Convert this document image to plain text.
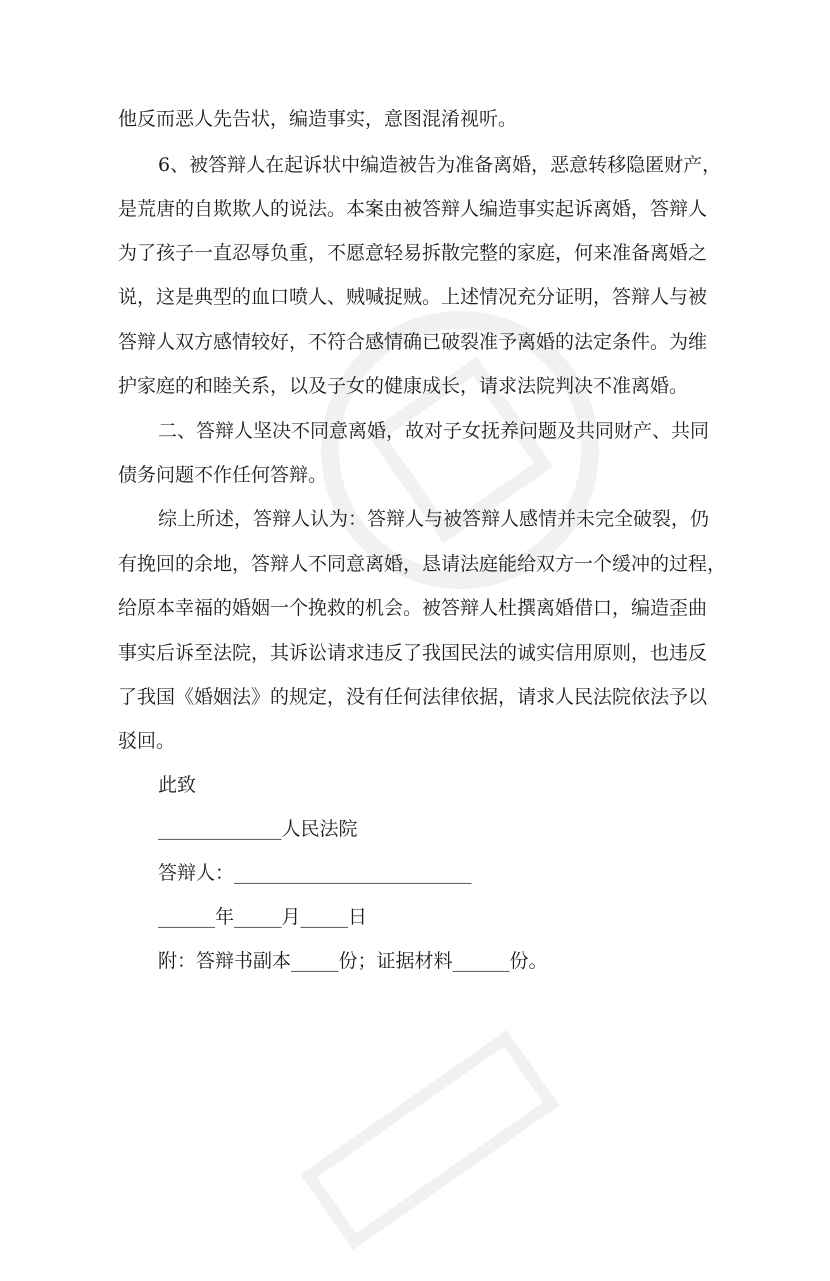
他反而恶人先告状，编造事实，意图混淆视听。
6、被答辩人在起诉状中编造被告为准备离婚，恶意转移隐匿财产，
是荒唐的自欺欺人的说法。本案由被答辩人编造事实起诉离婚，答辩人
为了孩子一直忍辱负重，不愿意轻易拆散完整的家庭，何来准备离婚之
说，这是典型的血口喷人、贼喊捉贼。上述情况充分证明，答辩人与被
答辩人双方感情较好，不符合感情确已破裂准予离婚的法定条件。为维
护家庭的和睦关系，以及子女的健康成长，请求法院判决不准离婚。
二、答辩人坚决不同意离婚，故对子女抚养问题及共同财产、共同
债务问题不作任何答辩。
综上所述，答辩人认为：答辩人与被答辩人感情并未完全破裂，仍
有挽回的余地，答辩人不同意离婚，恳请法庭能给双方一个缓冲的过程，
给原本幸福的婚姻一个挽救的机会。被答辩人杜撰离婚借口，编造歪曲
事实后诉至法院，其诉讼请求违反了我国民法的诚实信用原则，也违反
了我国《婚姻法》的规定，没有任何法律依据，请求人民法院依法予以
驳回。
此致
_____________人民法院
答辩人：_________________________
______年_____月_____日
附：答辩书副本_____份；证据材料______份。
